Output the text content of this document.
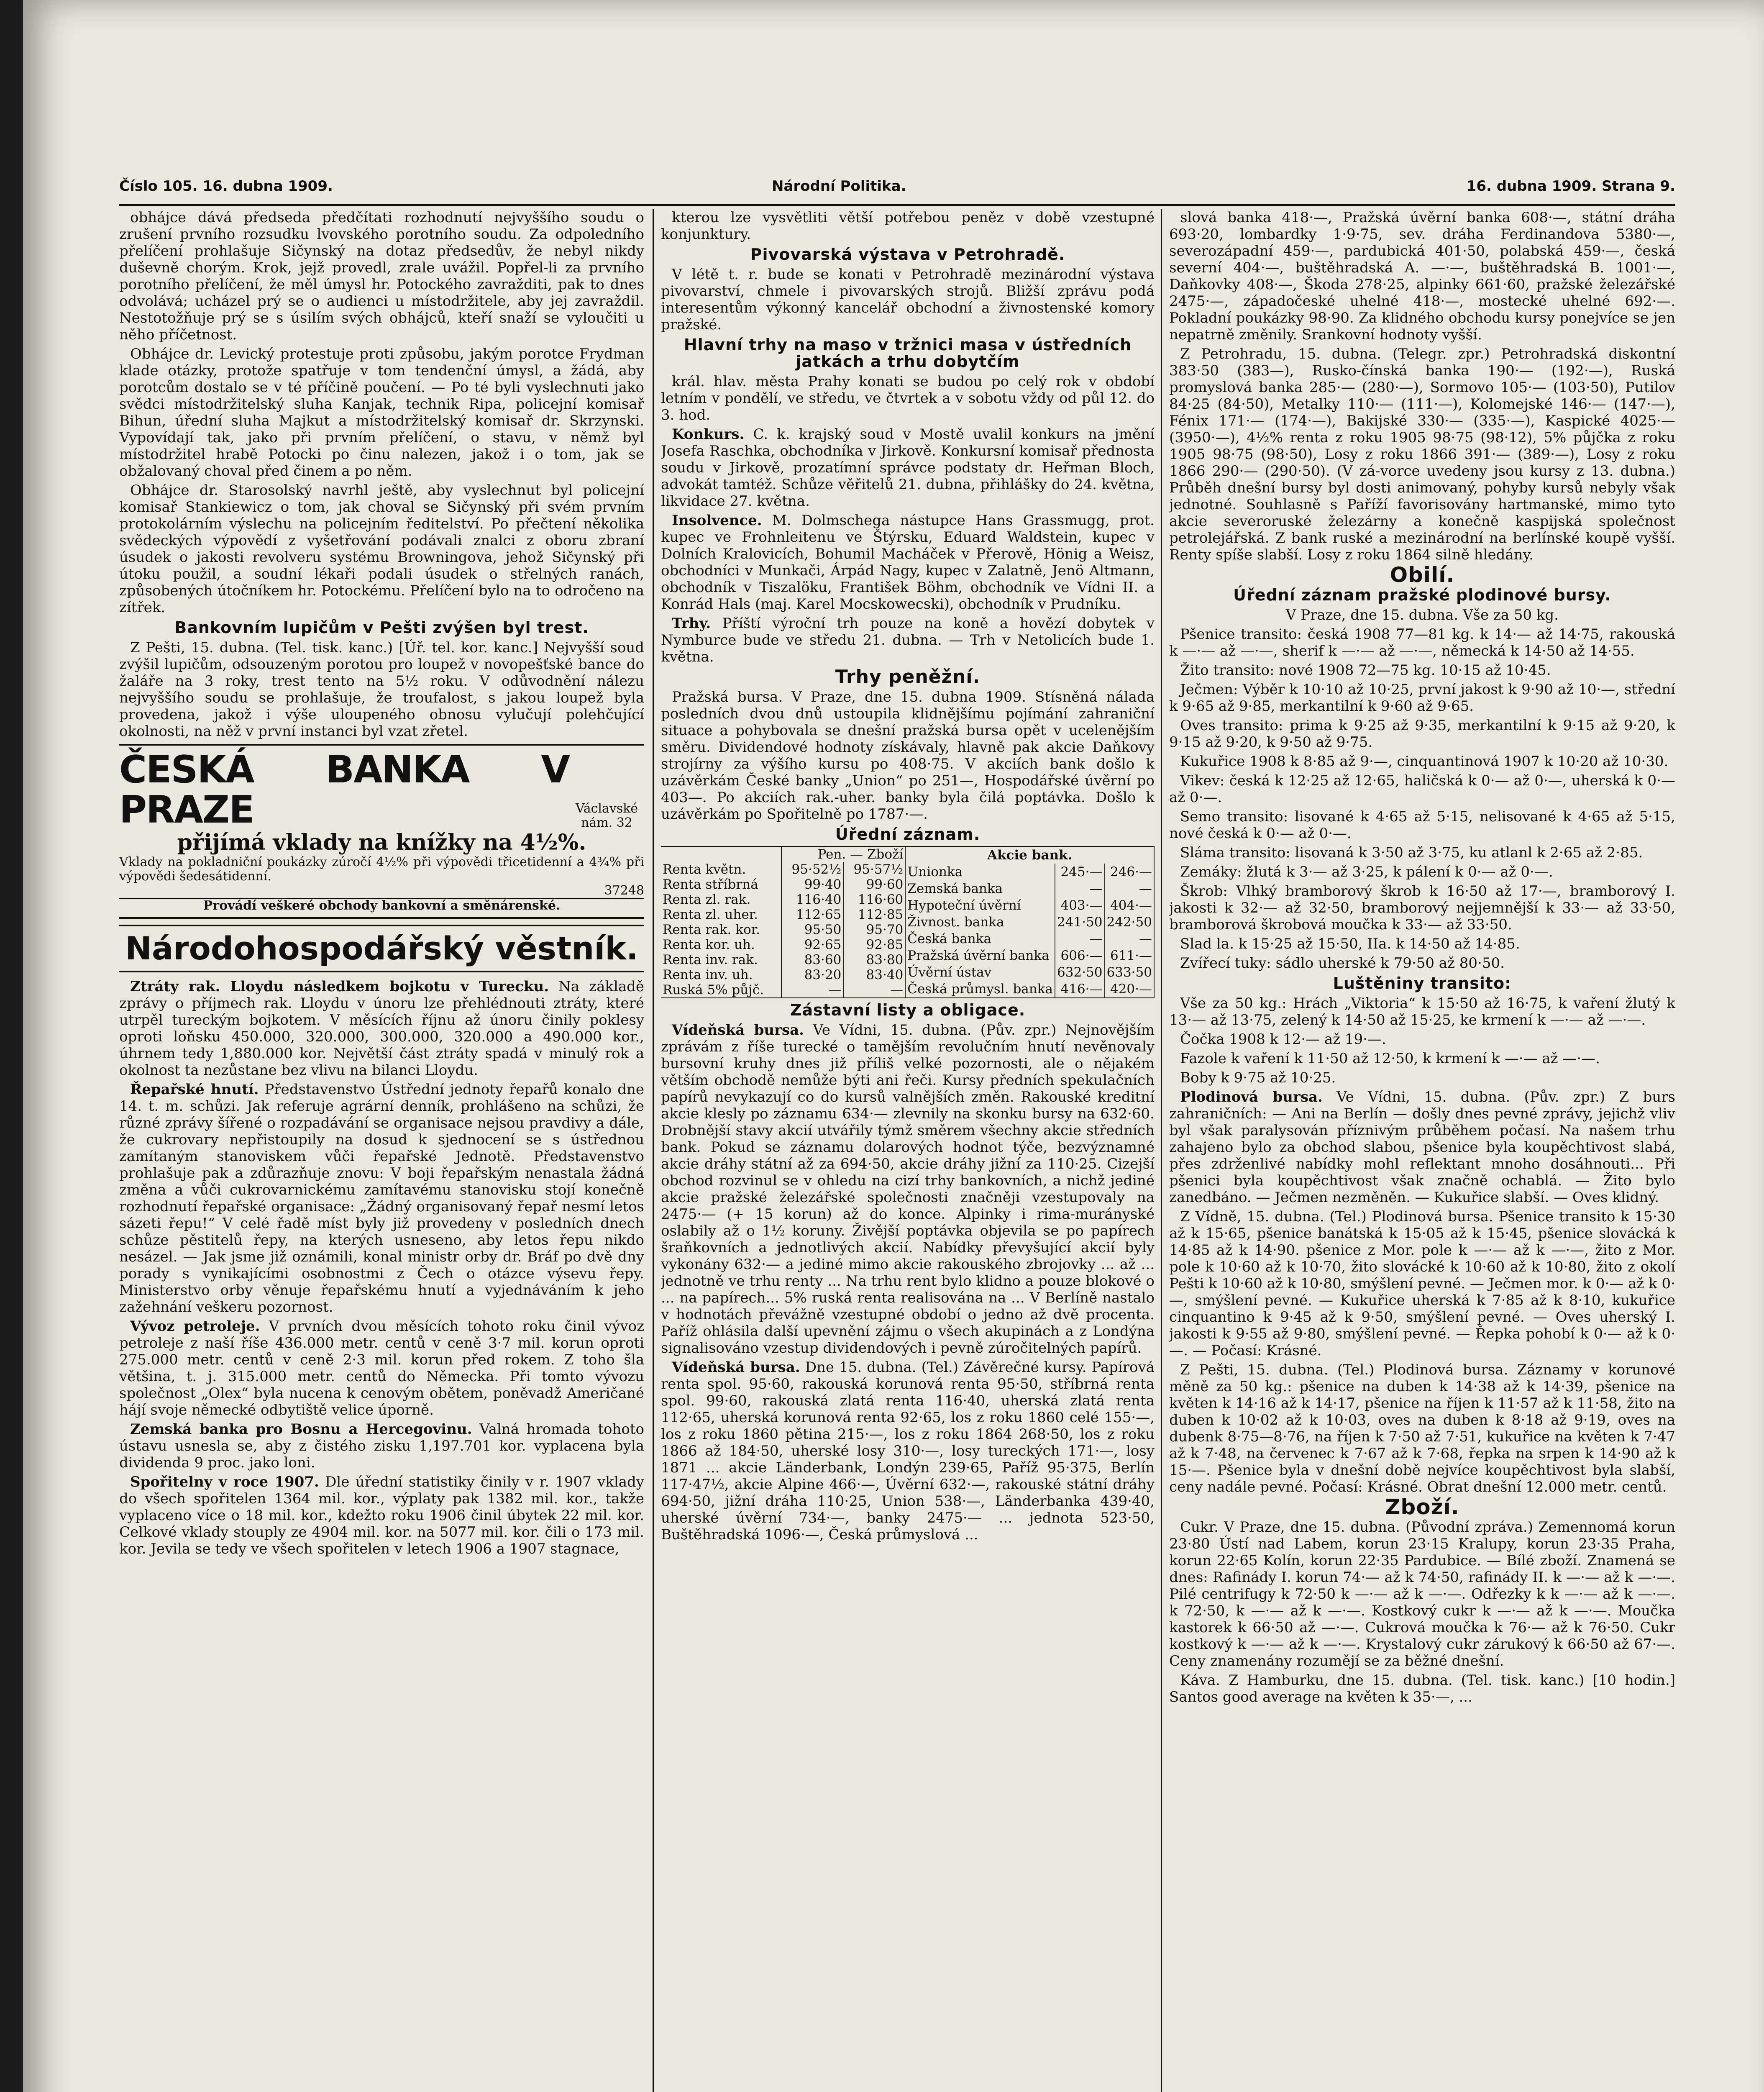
Číslo 105. 16. dubna 1909.	Národní Politika.	16. dubna 1909. Strana 9.

obhájce dává předseda předčítati rozhodnutí nejvyššího soudu o zrušení prvního rozsudku lvovského porotního soudu. Za odpoledního přelíčení prohlašuje Sičynský na dotaz předsedův, že nebyl nikdy duševně chorým. Krok, jejž provedl, zrale uvážil. Popřel-li za prvního porotního přelíčení, že měl úmysl hr. Potockého zavražditi, pak to dnes odvolává; ucházel prý se o audienci u místodržitele, aby jej zavraždil. Nestotožňuje prý se s úsilím svých obhájců, kteří snaží se vyloučiti u něho příčetnost.

Obhájce dr. Levický protestuje proti způsobu, jakým porotce Frydman klade otázky, protože spatřuje v tom tendenční úmysl, a žádá, aby porotcům dostalo se v té příčině poučení. — Po té byli vyslechnuti jako svědci místodržitelský sluha Kanjak, technik Ripa, policejní komisař Bihun, úřední sluha Majkut a místodržitelský komisař dr. Skrzynski. Vypovídají tak, jako při prvním přelíčení, o stavu, v němž byl místodržitel hrabě Potocki po činu nalezen, jakož i o tom, jak se obžalovaný choval před činem a po něm.

Obhájce dr. Starosolský navrhl ještě, aby vyslechnut byl policejní komisař Stankiewicz o tom, jak choval se Sičynský při svém prvním protokolárním výslechu na policejním ředitelství. Po přečtení několika svědeckých výpovědí z vyšetřování podávali znalci z oboru zbraní úsudek o jakosti revolveru systému Browningova, jehož Sičynský při útoku použil, a soudní lékaři podali úsudek o střelných ranách, způsobených útočníkem hr. Potockému. Přelíčení bylo na to odročeno na zítřek.

Bankovním lupičům v Pešti zvýšen byl trest.

Z Pešti, 15. dubna. (Tel. tisk. kanc.) [Úř. tel. kor. kanc.] Nejvyšší soud zvýšil lupičům, odsouzeným porotou pro loupež v novopešťské bance do žaláře na 3 roky, trest tento na 5½ roku. V odůvodnění nálezu nejvyššího soudu se prohlašuje, že troufalost, s jakou loupež byla provedena, jakož i výše uloupeného obnosu vylučují polehčující okolnosti, na něž v první instanci byl vzat zřetel.

ČESKÁ BANKA V PRAZE	Václavské nám. 32
přijímá vklady na knížky na 4½%.
Vklady na pokladniční poukázky zúročí 4½% při výpovědi třicetidenní a 4¾% při výpovědi šedesátidenní.
37248
Provádí veškeré obchody bankovní a směnárenské.
Národohospodářský věstník.

Ztráty rak. Lloydu následkem bojkotu v Turecku. Na základě zprávy o příjmech rak. Lloydu v únoru lze přehlédnouti ztráty, které utrpěl tureckým bojkotem. V měsících říjnu až únoru činily poklesy oproti loňsku 450.000, 320.000, 300.000, 320.000 a 490.000 kor., úhrnem tedy 1,880.000 kor. Největší část ztráty spadá v minulý rok a okolnost ta nezůstane bez vlivu na bilanci Lloydu.

Řepařské hnutí. Představenstvo Ústřední jednoty řepařů konalo dne 14. t. m. schůzi. Jak referuje agrární denník, prohlášeno na schůzi, že různé zprávy šířené o rozpadávání se organisace nejsou pravdivy a dále, že cukrovary nepřistoupily na dosud k sjednocení se s ústřednou zamítaným stanoviskem vůči řepařské Jednotě. Představenstvo prohlašuje pak a zdůrazňuje znovu: V boji řepařským nenastala žádná změna a vůči cukrovarnickému zamítavému stanovisku stojí konečně rozhodnutí řepařské organisace: „Žádný organisovaný řepař nesmí letos sázeti řepu!“ V celé řadě míst byly již provedeny v posledních dnech schůze pěstitelů řepy, na kterých usneseno, aby letos řepu nikdo nesázel. — Jak jsme již oznámili, konal ministr orby dr. Bráf po dvě dny porady s vynikajícími osobnostmi z Čech o otázce výsevu řepy. Ministerstvo orby věnuje řepařskému hnutí a vyjednáváním k jeho zažehnání veškeru pozornost.

Vývoz petroleje. V prvních dvou měsících tohoto roku činil vývoz petroleje z naší říše 436.000 metr. centů v ceně 3·7 mil. korun oproti 275.000 metr. centů v ceně 2·3 mil. korun před rokem. Z toho šla většina, t. j. 315.000 metr. centů do Německa. Při tomto vývozu společnost „Olex“ byla nucena k cenovým obětem, poněvadž Američané hájí svoje německé odbytiště velice úporně.

Zemská banka pro Bosnu a Hercegovinu. Valná hromada tohoto ústavu usnesla se, aby z čistého zisku 1,197.701 kor. vyplacena byla dividenda 9 proc. jako loni.

Spořitelny v roce 1907. Dle úřední statistiky činily v r. 1907 vklady do všech spořitelen 1364 mil. kor., výplaty pak 1382 mil. kor., takže vyplaceno více o 18 mil. kor., kdežto roku 1906 činil úbytek 22 mil. kor. Celkové vklady stouply ze 4904 mil. kor. na 5077 mil. kor. čili o 173 mil. kor. Jevila se tedy ve všech spořitelen v letech 1906 a 1907 stagnace,

kterou lze vysvětliti větší potřebou peněz v době vzestupné konjunktury.

Pivovarská výstava v Petrohradě.

V létě t. r. bude se konati v Petrohradě mezinárodní výstava pivovarství, chmele i pivovarských strojů. Bližší zprávu podá interesentům výkonný kancelář obchodní a živnostenské komory pražské.

Hlavní trhy na maso v tržnici masa v ústředních jatkách a trhu dobytčím

král. hlav. města Prahy konati se budou po celý rok v období letním v pondělí, ve středu, ve čtvrtek a v sobotu vždy od půl 12. do 3. hod.

Konkurs. C. k. krajský soud v Mostě uvalil konkurs na jmění Josefa Raschka, obchodníka v Jirkově. Konkursní komisař přednosta soudu v Jirkově, prozatímní správce podstaty dr. Heřman Bloch, advokát tamtéž. Schůze věřitelů 21. dubna, přihlášky do 24. května, likvidace 27. května.

Insolvence. M. Dolmschega nástupce Hans Grassmugg, prot. kupec ve Frohnleitenu ve Štýrsku, Eduard Waldstein, kupec v Dolních Kralovicích, Bohumil Macháček v Přerově, Hönig a Weisz, obchodníci v Munkači, Árpád Nagy, kupec v Zalatně, Jenö Altmann, obchodník v Tiszalöku, František Böhm, obchodník ve Vídni II. a Konrád Hals (maj. Karel Mocskowecski), obchodník v Prudníku.

Trhy. Příští výroční trh pouze na koně a hovězí dobytek v Nymburce bude ve středu 21. dubna. — Trh v Netolicích bude 1. května.

Trhy peněžní.

Pražská bursa. V Praze, dne 15. dubna 1909. Stísněná nálada posledních dvou dnů ustoupila klidnějšímu pojímání zahraniční situace a pohybovala se dnešní pražská bursa opět v ucelenějším směru. Dividendové hodnoty získávaly, hlavně pak akcie Daňkovy strojírny za výšího kursu po 408·75. V akciích bank došlo k uzávěrkám České banky „Union“ po 251—, Hospodářské úvěrní po 403—. Po akciích rak.-uher. banky byla čilá poptávka. Došlo k uzávěrkám po Spořitelně po 1787·—.

Úřední záznam.

	Pen. — Zboží	
Renta květn.	95·52½	95·57½
Renta stříbrná	99·40	99·60
Renta zl. rak.	116·40	116·60
Renta zl. uher.	112·65	112·85
Renta rak. kor.	95·50	95·70
Renta kor. uh.	92·65	92·85
Renta inv. rak.	83·60	83·80
Renta inv. uh.	83·20	83·40
Ruská 5% půjč.	—	—
Akcie bank.		
Unionka	245·—	246·—
Zemská banka	—	—
Hypoteční úvěrní	403·—	404·—
Živnost. banka	241·50	242·50
Česká banka	—	—
Pražská úvěrní banka	606·—	611·—
Úvěrní ústav	632·50	633·50
Česká průmysl. banka	416·—	420·—

Zástavní listy a obligace.

Vídeňská bursa. Ve Vídni, 15. dubna. (Pův. zpr.) Nejnovějším zprávám z říše turecké o tamějším revolučním hnutí nevěnovaly bursovní kruhy dnes již příliš velké pozornosti, ale o nějakém větším obchodě nemůže býti ani řeči. Kursy předních spekulačních papírů nevykazují co do kursů valnějších změn. Rakouské kreditní akcie klesly po záznamu 634·— zlevnily na skonku bursy na 632·60. Drobnější stavy akcií utvářily týmž směrem všechny akcie středních bank. Pokud se záznamu dolarových hodnot týče, bezvýznamné akcie dráhy státní až za 694·50, akcie dráhy jižní za 110·25. Cizejší obchod rozvinul se v ohledu na cizí trhy bankovních, a nichž jediné akcie pražské železářské společnosti značněji vzestupovaly na 2475·— (+ 15 korun) až do konce. Alpinky i rima-murányské oslabily až o 1½ koruny. Živější poptávka objevila se po papírech šraňkovních a jednotlivých akcií. Nabídky převyšující akcií byly vykonány 632·— a jediné mimo akcie rakouského zbrojovky ... až ... jednotně ve trhu renty ... Na trhu rent bylo klidno a pouze blokové o ... na papírech... 5% ruská renta realisována na ... V Berlíně nastalo v hodnotách převážně vzestupné období o jedno až dvě procenta. Paříž ohlásila další upevnění zájmu o všech akupinách a z Londýna signalisováno vzestup dividendových i pevně zúročitelných papírů.

Vídeňská bursa. Dne 15. dubna. (Tel.) Závěrečné kursy. Papírová renta spol. 95·60, rakouská korunová renta 95·50, stříbrná renta spol. 99·60, rakouská zlatá renta 116·40, uherská zlatá renta 112·65, uherská korunová renta 92·65, los z roku 1860 celé 155·—, los z roku 1860 pětina 215·—, los z roku 1864 268·50, los z roku 1866 až 184·50, uherské losy 310·—, losy tureckých 171·—, losy 1871 ... akcie Länderbank, Londýn 239·65, Paříž 95·375, Berlín 117·47½, akcie Alpine 466·—, Úvěrní 632·—, rakouské státní dráhy 694·50, jižní dráha 110·25, Union 538·—, Länderbanka 439·40, uherské úvěrní 734·—, banky 2475·— ... jednota 523·50, Buštěhradská 1096·—, Česká průmyslová ...

slová banka 418·—, Pražská úvěrní banka 608·—, státní dráha 693·20, lombardky 1·9·75, sev. dráha Ferdinandova 5380·—, severozápadní 459·—, pardubická 401·50, polabská 459·—, česká severní 404·—, buštěhradská A. —·—, buštěhradská B. 1001·—, Daňkovky 408·—, Škoda 278·25, alpinky 661·60, pražské železářské 2475·—, západočeské uhelné 418·—, mostecké uhelné 692·—. Pokladní poukázky 98·90. Za klidného obchodu kursy ponejvíce se jen nepatrně změnily. Srankovní hodnoty vyšší.

Z Petrohradu, 15. dubna. (Telegr. zpr.) Petrohradská diskontní 383·50 (383—), Rusko-čínská banka 190·— (192·—), Ruská promyslová banka 285·— (280·—), Sormovo 105·— (103·50), Putilov 84·25 (84·50), Metalky 110·— (111·—), Kolomejské 146·— (147·—), Fénix 171·— (174·—), Bakijské 330·— (335·—), Kaspické 4025·— (3950·—), 4½% renta z roku 1905 98·75 (98·12), 5% půjčka z roku 1905 98·75 (98·50), Losy z roku 1866 391·— (389·—), Losy z roku 1866 290·— (290·50). (V zá-vorce uvedeny jsou kursy z 13. dubna.) Průběh dnešní bursy byl dosti animovaný, pohyby kursů nebyly však jednotné. Souhlasně s Paříží favorisovány hartmanské, mimo tyto akcie severoruské železárny a konečně kaspijská společnost petrolejářská. Z bank ruské a mezinárodní na berlínské koupě vyšší. Renty spíše slabší. Losy z roku 1864 silně hledány.

Obilí.

Úřední záznam pražské plodinové bursy.

V Praze, dne 15. dubna. Vše za 50 kg.

Pšenice transito: česká 1908 77—81 kg. k 14·— až 14·75, rakouská k —·— až —·—, sherif k —·— až —·—, německá k 14·50 až 14·55.

Žito transito: nové 1908 72—75 kg. 10·15 až 10·45.

Ječmen: Výběr k 10·10 až 10·25, první jakost k 9·90 až 10·—, střední k 9·65 až 9·85, merkantilní k 9·60 až 9·65.

Oves transito: prima k 9·25 až 9·35, merkantilní k 9·15 až 9·20, k 9·15 až 9·20, k 9·50 až 9·75.

Kukuřice 1908 k 8·85 až 9·—, cinquantinová 1907 k 10·20 až 10·30.

Vikev: česká k 12·25 až 12·65, haličská k 0·— až 0·—, uherská k 0·— až 0·—.

Semo transito: lisované k 4·65 až 5·15, nelisované k 4·65 až 5·15, nové česká k 0·— až 0·—.

Sláma transito: lisovaná k 3·50 až 3·75, ku atlanl k 2·65 až 2·85.

Zemáky: žlutá k 3·— až 3·25, k pálení k 0·— až 0·—.

Škrob: Vlhký bramborový škrob k 16·50 až 17·—, bramborový I. jakosti k 32·— až 32·50, bramborový nejjemnější k 33·— až 33·50, bramborová škrobová moučka k 33·— až 33·50.

Slad la. k 15·25 až 15·50, IIa. k 14·50 až 14·85.

Zvířecí tuky: sádlo uherské k 79·50 až 80·50.

Luštěniny transito:

Vše za 50 kg.: Hrách „Viktoria“ k 15·50 až 16·75, k vaření žlutý k 13·— až 13·75, zelený k 14·50 až 15·25, ke krmení k —·— až —·—.

Čočka 1908 k 12·— až 19·—.

Fazole k vaření k 11·50 až 12·50, k krmení k —·— až —·—.

Boby k 9·75 až 10·25.

Plodinová bursa. Ve Vídni, 15. dubna. (Pův. zpr.) Z burs zahraničních: — Ani na Berlín — došly dnes pevné zprávy, jejichž vliv byl však paralysován příznivým průběhem počasí. Na našem trhu zahajeno bylo za obchod slabou, pšenice byla koupěchtivost slabá, přes zdrženlivé nabídky mohl reflektant mnoho dosáhnouti... Při pšenici byla koupěchtivost však značně ochablá. — Žito bylo zanedbáno. — Ječmen nezměněn. — Kukuřice slabší. — Oves klidný.

Z Vídně, 15. dubna. (Tel.) Plodinová bursa. Pšenice transito k 15·30 až k 15·65, pšenice banátská k 15·05 až k 15·45, pšenice slovácká k 14·85 až k 14·90. pšenice z Mor. pole k —·— až k —·—, žito z Mor. pole k 10·60 až k 10·70, žito slovácké k 10·60 až k 10·80, žito z okolí Pešti k 10·60 až k 10·80, smýšlení pevné. — Ječmen mor. k 0·— až k 0·—, smýšlení pevné. — Kukuřice uherská k 7·85 až k 8·10, kukuřice cinquantino k 9·45 až k 9·50, smýšlení pevné. — Oves uherský I. jakosti k 9·55 až 9·80, smýšlení pevné. — Řepka pohobí k 0·— až k 0·—. — Počasí: Krásné.

Z Pešti, 15. dubna. (Tel.) Plodinová bursa. Záznamy v korunové měně za 50 kg.: pšenice na duben k 14·38 až k 14·39, pšenice na květen k 14·16 až k 14·17, pšenice na říjen k 11·57 až k 11·58, žito na duben k 10·02 až k 10·03, oves na duben k 8·18 až 9·19, oves na dubenk 8·75—8·76, na říjen k 7·50 až 7·51, kukuřice na květen k 7·47 až k 7·48, na červenec k 7·67 až k 7·68, řepka na srpen k 14·90 až k 15·—. Pšenice byla v dnešní době nejvíce koupěchtivost byla slabší, ceny nadále pevné. Počasí: Krásné. Obrat dnešní 12.000 metr. centů.

Zboží.

Cukr. V Praze, dne 15. dubna. (Původní zpráva.) Zemennomá korun 23·80 Ústí nad Labem, korun 23·15 Kralupy, korun 23·35 Praha, korun 22·65 Kolín, korun 22·35 Pardubice. — Bílé zboží. Znamená se dnes: Rafinády I. korun 74·— až k 74·50, rafinády II. k —·— až k —·—. Pilé centrifugy k 72·50 k —·— až k —·—. Odřezky k k —·— až k —·—. k 72·50, k —·— až k —·—. Kostkový cukr k —·— až k —·—. Moučka kastorek k 66·50 až —·—. Cukrová moučka k 76·— až k 76·50. Cukr kostkový k —·— až k —·—. Krystalový cukr zárukový k 66·50 až 67·—. Ceny znamenány rozumějí se za běžné dnešní.

Káva. Z Hamburku, dne 15. dubna. (Tel. tisk. kanc.) [10 hodin.] Santos good average na květen k 35·—, ...
